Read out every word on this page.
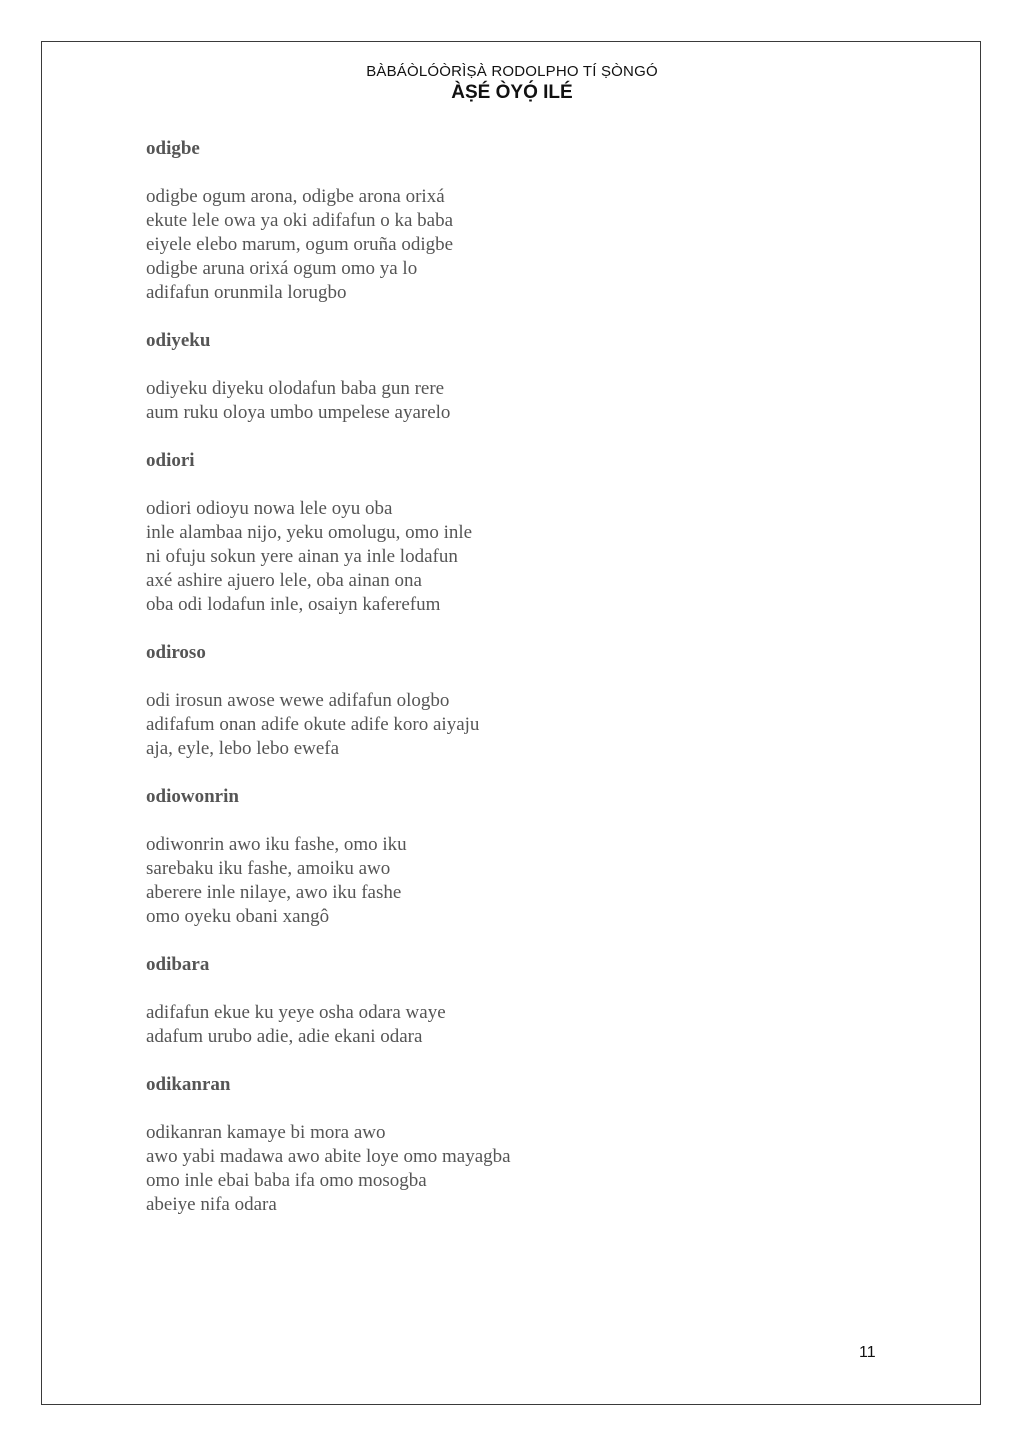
BÀBÁÒLÓÒRÌṢÀ RODOLPHO TÍ ṢÒNGÓ
ÀṢÉ ÒYỌ́ ILÉ
odigbe
odigbe ogum arona, odigbe arona orixá
ekute lele owa ya oki adifafun o ka baba
eiyele elebo marum, ogum oruña odigbe
odigbe aruna orixá ogum omo ya lo
adifafun orunmila lorugbo
odiyeku
odiyeku diyeku olodafun baba gun rere
aum ruku oloya umbo umpelese ayarelo
odiori
odiori odioyu nowa lele oyu oba
inle alambaa nijo, yeku omolugu, omo inle
ni ofuju sokun yere ainan ya inle lodafun
axé ashire ajuero lele, oba ainan ona
oba odi lodafun inle, osaiyn kaferefum
odiroso
odi irosun awose wewe adifafun ologbo
adifafum onan adife okute adife koro aiyaju
aja, eyle, lebo lebo ewefa
odiowonrin
odiwonrin awo iku fashe, omo iku
sarebaku iku fashe, amoiku awo
aberere inle nilaye, awo iku fashe
omo oyeku obani xangô
odibara
adifafun ekue ku yeye osha odara waye
adafum urubo adie, adie ekani odara
odikanran
odikanran kamaye bi mora awo
awo yabi madawa awo abite loye omo mayagba
omo inle ebai baba ifa omo mosogba
abeiye nifa odara
11
